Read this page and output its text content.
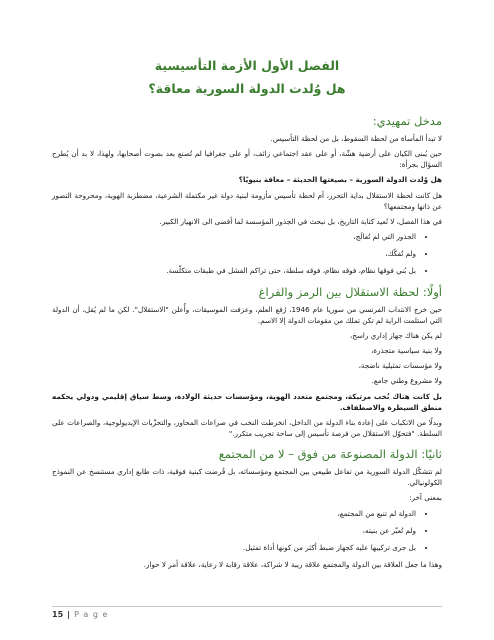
الفصل الأول الأزمة التأسيسية
هل وُلدت الدولة السورية معاقة؟
مدخل تمهيدي:

لا تبدأ المأساة من لحظة السقوط، بل من لحظة التأسيس.

حين يُبنى الكيان على أرضية هشّة، أو على عقد اجتماعي زائف، أو على جغرافيا لم تُصنع بعد بصوت أصحابها، ولهذا، لا بد أن يُطرح السؤال بجرأة:

هل وُلدت الدولة السورية – بصيغتها الحديثة – معاقة بنيويًا؟

هل كانت لحظة الاستقلال بداية التحرر، أم لحظة تأسيس مأزومة لبنية دولة غير مكتملة الشرعية، مضطربة الهوية، ومحروحة التصور عن ذاتها ومجتمعها؟

في هذا الفصل، لا نُعيد كتابة التاريخ، بل نبحث في الجذور المؤسسة لما أفضى الى الانهيار الكبير.

• الجذور التي لم تُعالَج،
• ولم تُفكّك،
• بل بُني فوقها نظام، فوقه نظام، فوقه سلطة، حتى تراكم الفشل في طبقات متكلّسة.
أولًا: لحظة الاستقلال بين الرمز والفراغ

حين خرج الانتداب الفرنسي من سوريا عام 1946، رُفع العلم، وعزفت الموسيقات، وأُعلن "الاستقلال". لكن ما لم يُقل، أن الدولة التي استلمت الراية لم تكن تملك من مقومات الدولة إلا الاسم.

لم يكن هناك جهاز إداري راسخ،

ولا بنية سياسية متجذرة،

ولا مؤسسات تمثيلية ناضجة،

ولا مشروع وطني جامع.

بل كانت هناك نُخب مرتبكة، ومجتمع متعدد الهوية، ومؤسسات حديثة الولادة، وسط سياق إقليمي ودولي يحكمه منطق السيطرة والاصطفاف.

وبدلًا من الانكباب على إعادة بناء الدولة من الداخل، انخرطت النخب في صراعات المحاور، والتحزّبات الإيديولوجية، والصراعات على السلطة. "فتحوّل الاستقلال من فرصة تأسيس إلى ساحة تجريب متكرر."

ثانيًا: الدولة المصنوعة من فوق – لا من المجتمع

لم تتشكّل الدولة السورية من تفاعل طبيعي بين المجتمع ومؤسساته، بل فُرضت كبنية فوقية، ذات طابع إداري مستنسخ عن النموذج الكولونيالي.

بمعنى آخر:

• الدولة لم تنبع من المجتمع،
• ولم تُعبّر عن بنيته،
• بل جرى تركيبها عليه كجهاز ضبط أكثر من كونها أداة تمثيل.

وهذا ما جعل العلاقة بين الدولة والمجتمع علاقة ريبة لا شراكة، علاقة رقابة لا رعاية، علاقة أمر لا حوار.

15 | P a g e
